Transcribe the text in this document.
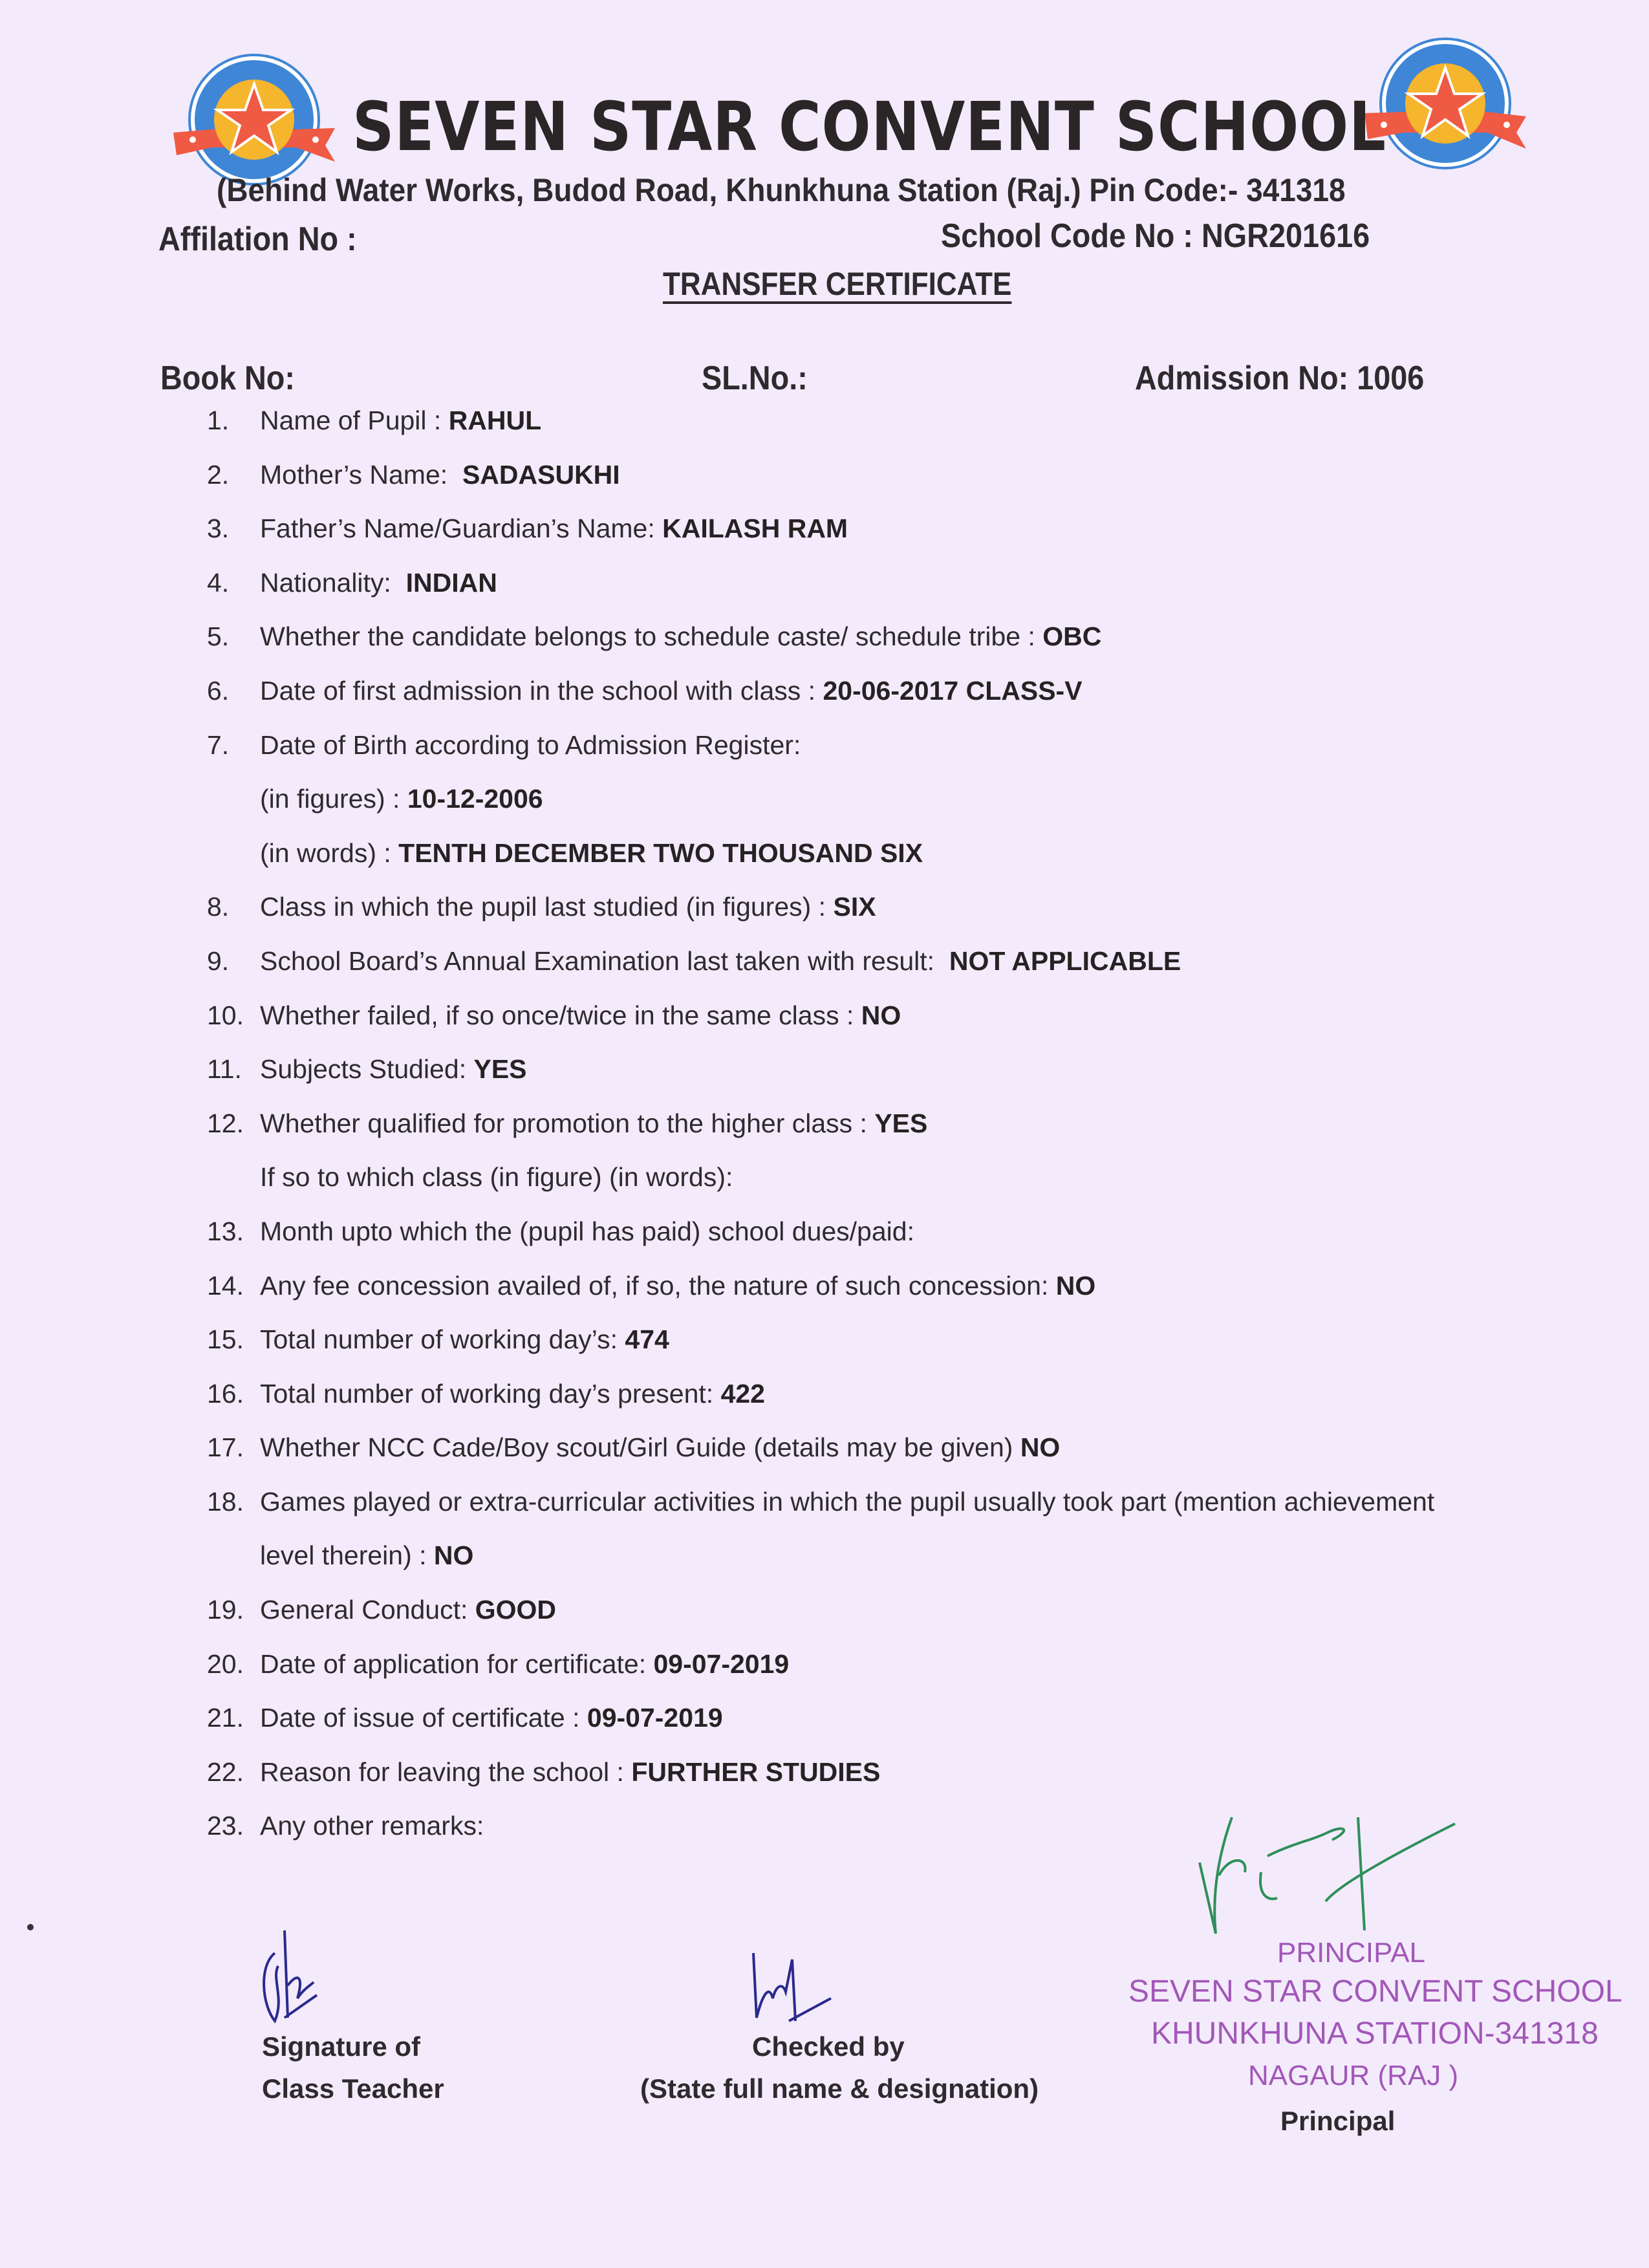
SEVEN STAR CONVENT SCHOOL
(Behind Water Works, Budod Road, Khunkhuna Station (Raj.) Pin Code:- 341318
Affilation No :	School Code No : NGR201616
TRANSFER CERTIFICATE
Book No:	SL.No.:	Admission No: 1006
1.	Name of Pupil : RAHUL
2.	Mother’s Name:  SADASUKHI
3.	Father’s Name/Guardian’s Name: KAILASH RAM
4.	Nationality:  INDIAN
5.	Whether the candidate belongs to schedule caste/ schedule tribe : OBC
6.	Date of first admission in the school with class : 20-06-2017 CLASS-V
7.	Date of Birth according to Admission Register:
(in figures) : 10-12-2006
(in words) : TENTH DECEMBER TWO THOUSAND SIX
8.	Class in which the pupil last studied (in figures) : SIX
9.	School Board’s Annual Examination last taken with result:  NOT APPLICABLE
10. Whether failed, if so once/twice in the same class : NO
11. Subjects Studied: YES
12. Whether qualified for promotion to the higher class : YES
If so to which class (in figure) (in words):
13. Month upto which the (pupil has paid) school dues/paid:
14. Any fee concession availed of, if so, the nature of such concession: NO
15. Total number of working day’s: 474
16. Total number of working day’s present: 422
17. Whether NCC Cade/Boy scout/Girl Guide (details may be given) NO
18. Games played or extra-curricular activities in which the pupil usually took part (mention achievement
level therein) : NO
19. General Conduct: GOOD
20. Date of application for certificate: 09-07-2019
21. Date of issue of certificate : 09-07-2019
22. Reason for leaving the school : FURTHER STUDIES
23. Any other remarks:
Signature of
Class Teacher
Checked by
(State full name & designation)
PRINCIPAL
SEVEN STAR CONVENT SCHOOL
KHUNKHUNA STATION-341318
NAGAUR (RAJ )
Principal
